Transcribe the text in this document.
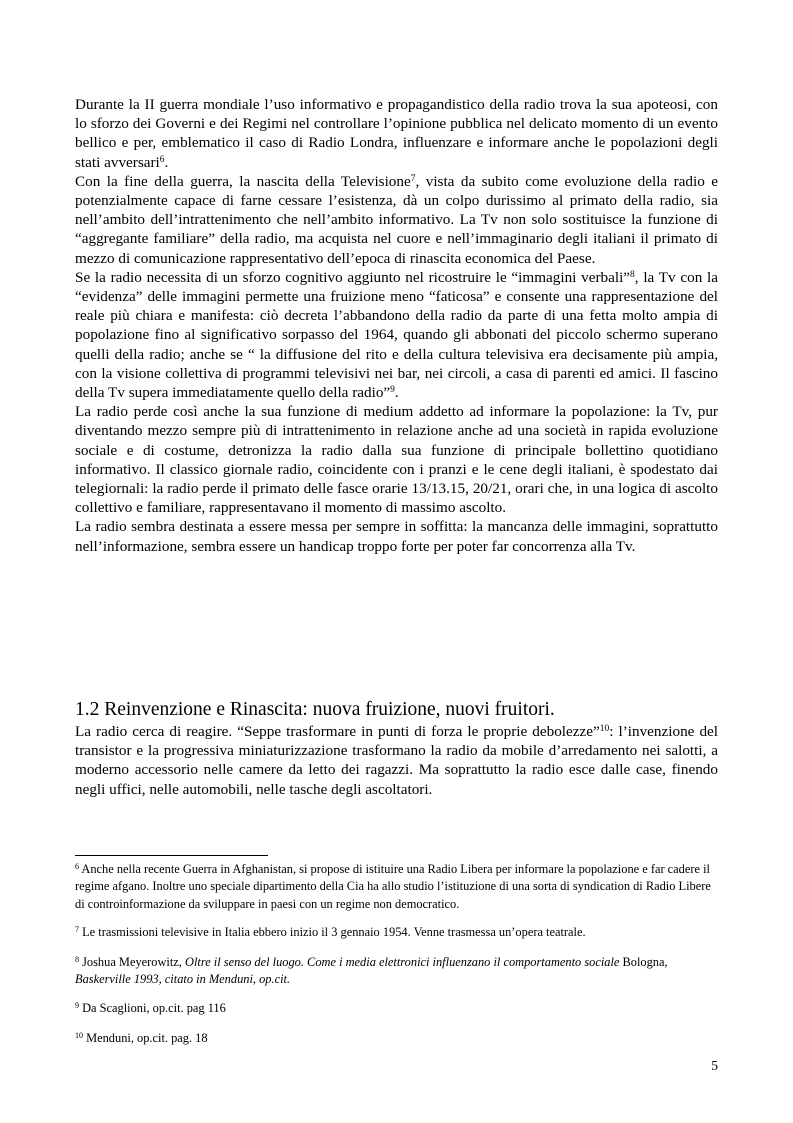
Durante la II guerra mondiale l’uso informativo e propagandistico della radio trova la sua apoteosi, con lo sforzo dei Governi e dei Regimi nel controllare l’opinione pubblica nel delicato momento di un evento bellico e per, emblematico il caso di Radio Londra, influenzare e informare anche le popolazioni degli stati avversari$^6$.

Con la fine della guerra, la nascita della Televisione$^7$, vista da subito come evoluzione della radio e potenzialmente capace di farne cessare l’esistenza, dà un colpo durissimo al primato della radio, sia nell’ambito dell’intrattenimento che nell’ambito informativo. La Tv non solo sostituisce la funzione di “aggregante familiare” della radio, ma acquista nel cuore e nell’immaginario degli italiani il primato di mezzo di comunicazione rappresentativo dell’epoca di rinascita economica del Paese.

Se la radio necessita di un sforzo cognitivo aggiunto nel ricostruire le “immagini verbali”$^8$, la Tv con la “evidenza” delle immagini permette una fruizione meno “faticosa” e consente una rappresentazione del reale più chiara e manifesta: ciò decreta l’abbandono della radio da parte di una fetta molto ampia di popolazione fino al significativo sorpasso del 1964, quando gli abbonati del piccolo schermo superano quelli della radio; anche se “ la diffusione del rito e della cultura televisiva era decisamente più ampia, con la visione collettiva di programmi televisivi nei bar, nei circoli, a casa di parenti ed amici. Il fascino della Tv supera immediatamente quello della radio”$^9$.

La radio perde così anche la sua funzione di medium addetto ad informare la popolazione: la Tv, pur diventando mezzo sempre più di intrattenimento in relazione anche ad una società in rapida evoluzione sociale e di costume, detronizza la radio dalla sua funzione di principale bollettino quotidiano informativo. Il classico giornale radio, coincidente con i pranzi e le cene degli italiani, è spodestato dai telegiornali: la radio perde il primato delle fasce orarie 13/13.15, 20/21, orari che, in una logica di ascolto collettivo e familiare, rappresentavano il momento di massimo ascolto.

La radio sembra destinata a essere messa per sempre in soffitta: la mancanza delle immagini, soprattutto nell’informazione, sembra essere un handicap troppo forte per poter far concorrenza alla Tv.

1.2 Reinvenzione e Rinascita: nuova fruizione, nuovi fruitori.

La radio cerca di reagire. “Seppe trasformare in punti di forza le proprie debolezze”$^{10}$: l’invenzione del transistor e la progressiva miniaturizzazione trasformano la radio da mobile d’arredamento nei salotti, a moderno accessorio nelle camere da letto dei ragazzi. Ma soprattutto la radio esce dalle case, finendo negli uffici, nelle automobili, nelle tasche degli ascoltatori.

$^6$ Anche nella recente Guerra in Afghanistan, si propose di istituire una Radio Libera per informare la popolazione e far cadere il regime afgano. Inoltre uno speciale dipartimento della Cia ha allo studio l’istituzione di una sorta di syndication di Radio Libere di controinformazione da sviluppare in paesi con un regime non democratico.

$^7$ Le trasmissioni televisive in Italia ebbero inizio il 3 gennaio 1954. Venne trasmessa un’opera teatrale.

$^8$ Joshua Meyerowitz, Oltre il senso del luogo. Come i media elettronici influenzano il comportamento sociale Bologna, Baskerville 1993, citato in Menduni, op.cit.

$^9$ Da Scaglioni, op.cit. pag 116

$^{10}$ Menduni, op.cit. pag. 18

5
